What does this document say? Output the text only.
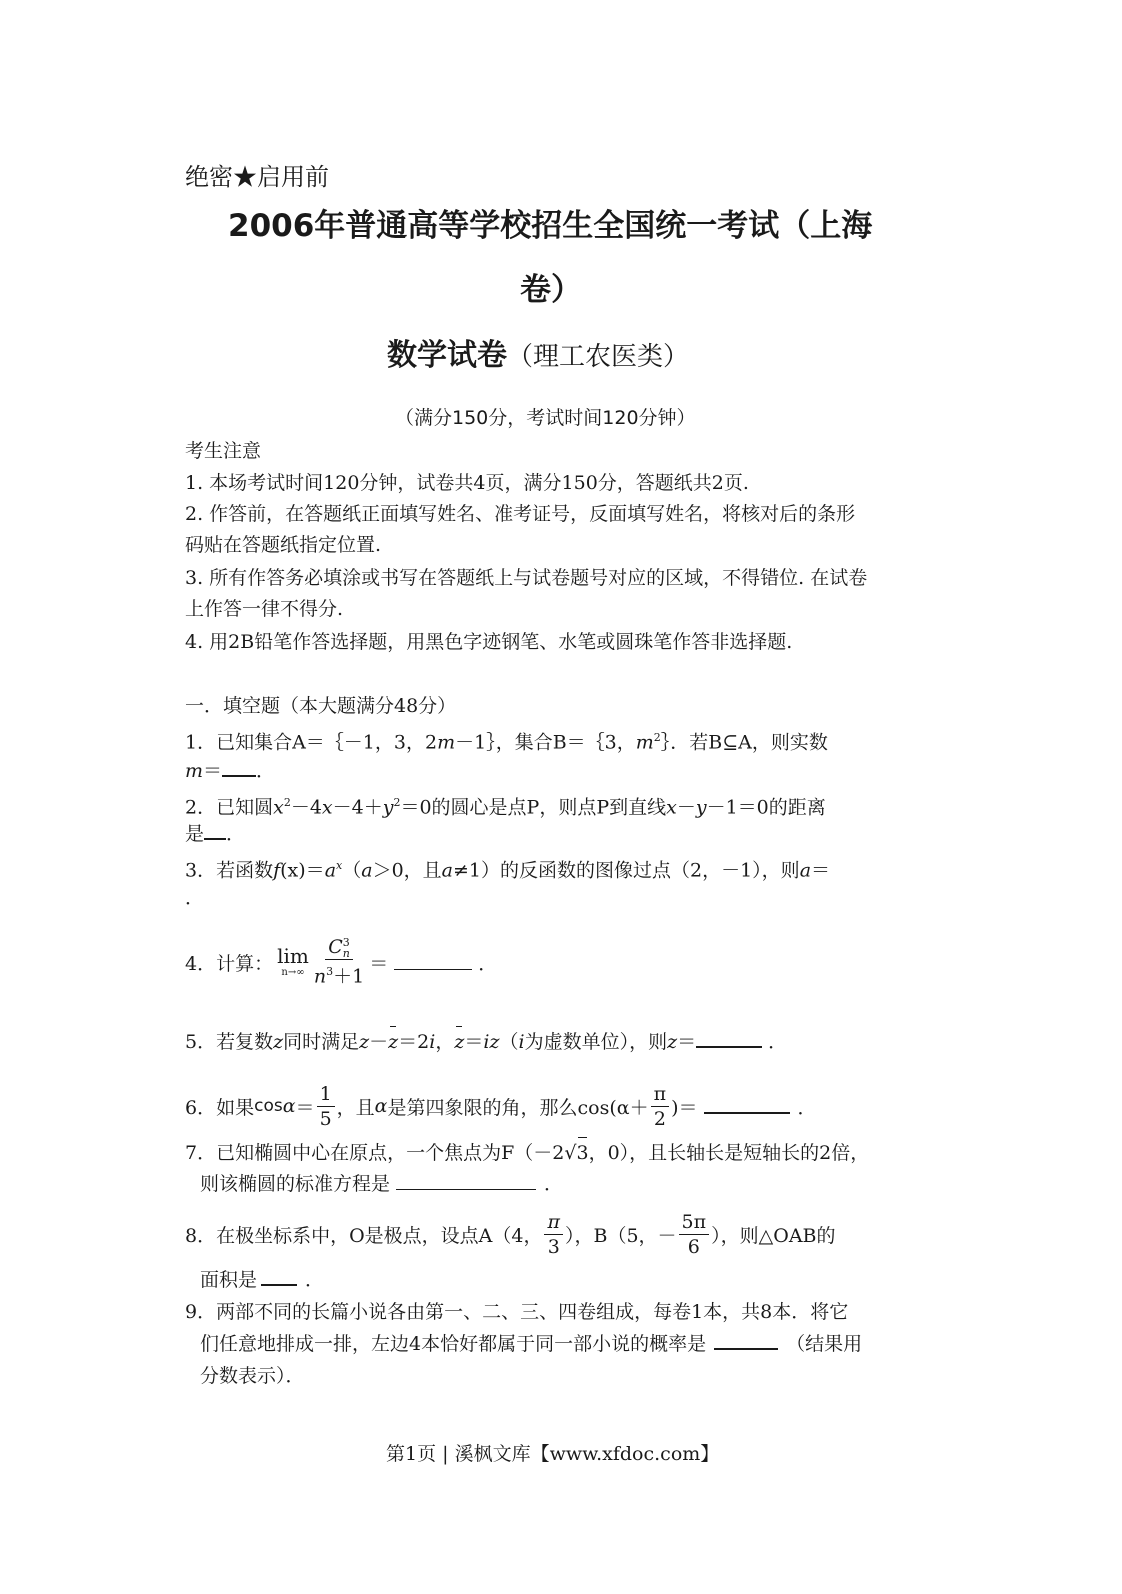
绝密★启用前
2006年普通高等学校招生全国统一考试（上海
卷）
数学试卷（理工农医类）
（满分150分，考试时间120分钟）
考生注意
1. 本场考试时间120分钟，试卷共4页，满分150分，答题纸共2页.
2. 作答前，在答题纸正面填写姓名、准考证号，反面填写姓名，将核对后的条形
码贴在答题纸指定位置.
3. 所有作答务必填涂或书写在答题纸上与试卷题号对应的区域，不得错位. 在试卷
上作答一律不得分.
4. 用2B铅笔作答选择题，用黑色字迹钢笔、水笔或圆珠笔作答非选择题.
一．填空题（本大题满分48分）
1．已知集合A＝｛－1，3，2m－1｝，集合B＝｛3，$m^2\}$．若B⊆A，则实数
m＝ ．
2．已知圆$x^2-4x-4+y^2=0$的圆心是点P，则点P到直线x－y－1＝0的距离
是 ．
3．若函数$f(x)=a^x(a>0$，且a≠1）的反函数的图像过点（2，－1），则a＝
．
4．计算： lim
n→∞ C 3
n
$n^3+1$ ＝	．
5．若复数z同时满足z－z＝2i，z＝iz（i为虚数单位），则z＝	．
6．如果 $\cos \alpha = \frac{1}{5}$ ，且 α 是第四象限的角，那么 $\cos(\alpha+ \frac{\pi}{2}$ )＝	．
7．已知椭圆中心在原点，一个焦点为F（－2√3，0），且长轴长是短轴长的2倍，
则该椭圆的标准方程是	．
8．在极坐标系中，O是极点，设点A（4， $\frac{\pi}{3}$ ），B（5，－ $\frac{5\pi}{6}$ ），则△OAB的
面积是	．
9．两部不同的长篇小说各由第一、二、三、四卷组成，每卷1本，共8本．将它
们任意地排成一排，左边4本恰好都属于同一部小说的概率是	（结果用
分数表示）．
第1页 | 溪枫文库【www.xfdoc.com】
